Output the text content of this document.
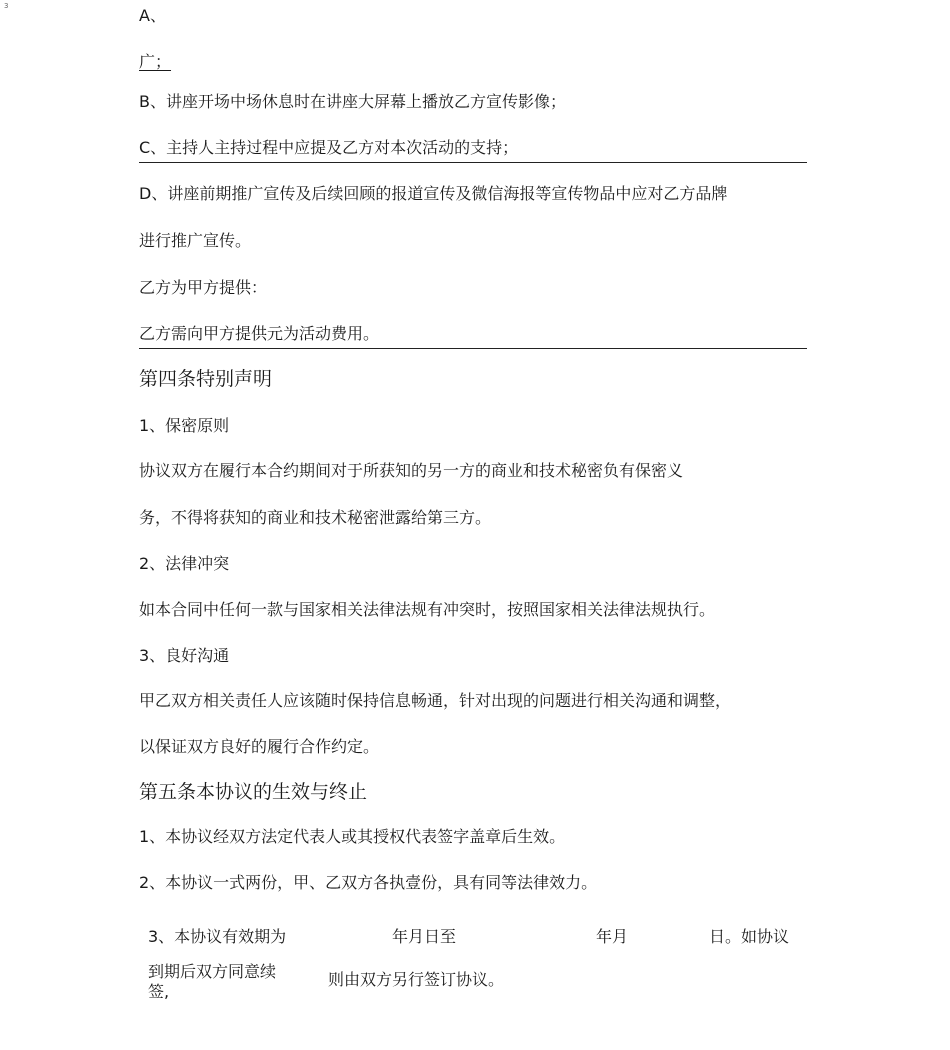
3	A、
广；
B、讲座开场中场休息时在讲座大屏幕上播放乙方宣传影像；
C、主持人主持过程中应提及乙方对本次活动的支持；
D、讲座前期推广宣传及后续回顾的报道宣传及微信海报等宣传物品中应对乙方品牌
进行推广宣传。
乙方为甲方提供：
乙方需向甲方提供元为活动费用。
第四条特别声明
1、保密原则
协议双方在履行本合约期间对于所获知的另一方的商业和技术秘密负有保密义
务，不得将获知的商业和技术秘密泄露给第三方。
2、法律冲突
如本合同中任何一款与国家相关法律法规有冲突时，按照国家相关法律法规执行。
3、良好沟通
甲乙双方相关责任人应该随时保持信息畅通，针对出现的问题进行相关沟通和调整，
以保证双方良好的履行合作约定。
第五条本协议的生效与终止
1、本协议经双方法定代表人或其授权代表签字盖章后生效。
2、本协议一式两份，甲、乙双方各执壹份，具有同等法律效力。
3、本协议有效期为	年月日至	年月	日。如协议
到期后双方同意续
签,
则由双方另行签订协议。
